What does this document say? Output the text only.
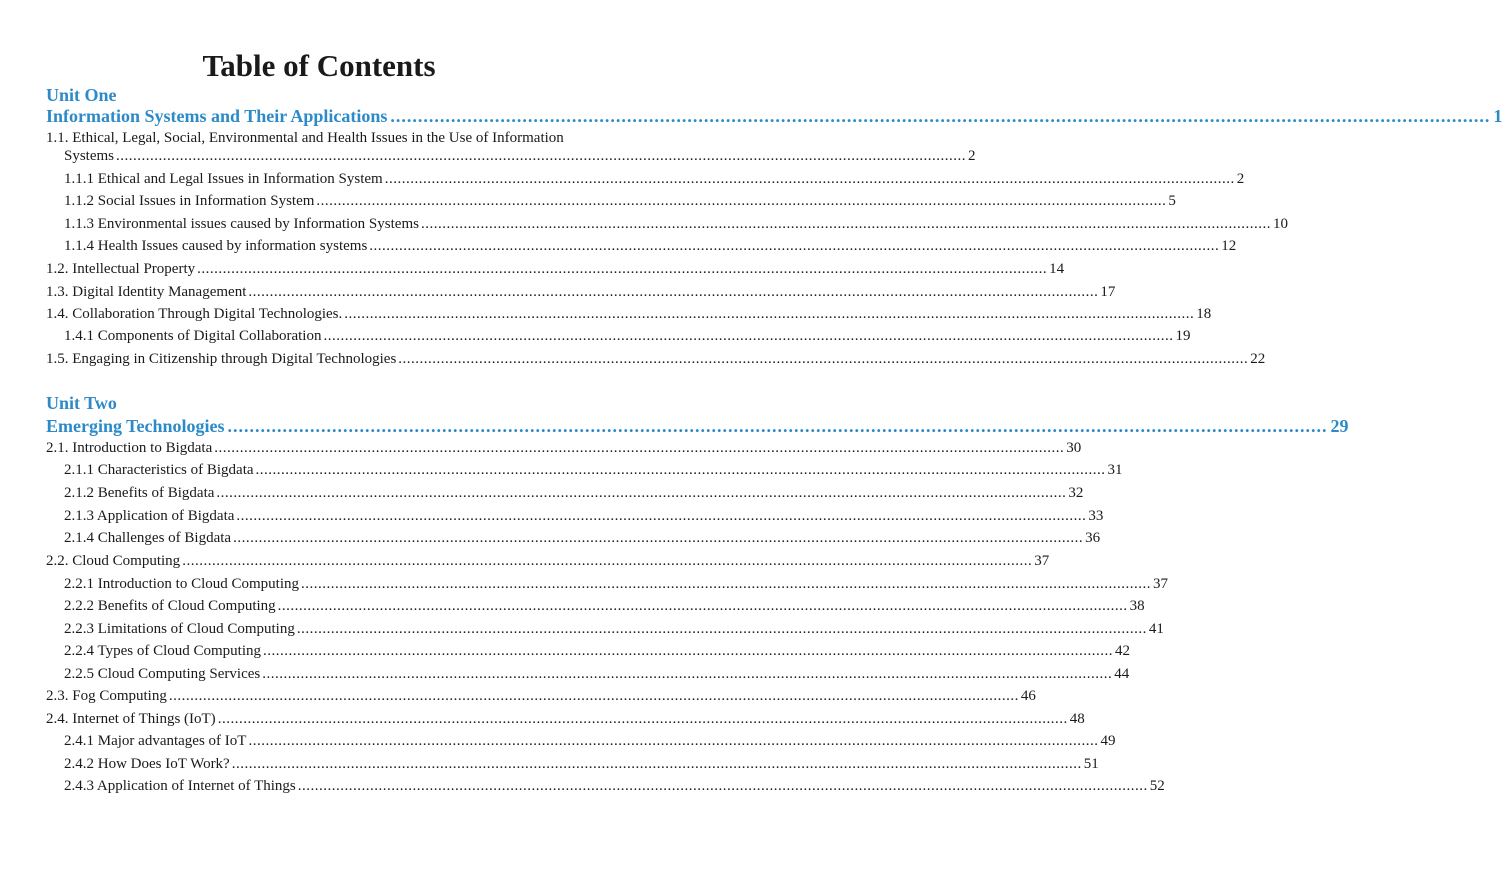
Table of Contents
Unit One
Information Systems and Their Applications ........................................................................................................................................................................................................ 1
1.1. Ethical, Legal, Social, Environmental and Health Issues in the Use of Information
Systems ........................................................................................................................................................................................................ 2
1.1.1 Ethical and Legal Issues in Information System ........................................................................................................................................................................................................ 2
1.1.2 Social Issues in Information System ........................................................................................................................................................................................................ 5
1.1.3 Environmental issues caused by Information Systems ........................................................................................................................................................................................................ 10
1.1.4 Health Issues caused by information systems ........................................................................................................................................................................................................ 12
1.2. Intellectual Property ........................................................................................................................................................................................................ 14
1.3. Digital Identity Management ........................................................................................................................................................................................................ 17
1.4. Collaboration Through Digital Technologies. ........................................................................................................................................................................................................ 18
1.4.1 Components of Digital Collaboration ........................................................................................................................................................................................................ 19
1.5. Engaging in Citizenship through Digital Technologies ........................................................................................................................................................................................................ 22
Unit Two
Emerging Technologies ........................................................................................................................................................................................................ 29
2.1. Introduction to Bigdata ........................................................................................................................................................................................................ 30
2.1.1 Characteristics of Bigdata ........................................................................................................................................................................................................ 31
2.1.2 Benefits of Bigdata ........................................................................................................................................................................................................ 32
2.1.3 Application of Bigdata ........................................................................................................................................................................................................ 33
2.1.4 Challenges of Bigdata ........................................................................................................................................................................................................ 36
2.2. Cloud Computing ........................................................................................................................................................................................................ 37
2.2.1 Introduction to Cloud Computing ........................................................................................................................................................................................................ 37
2.2.2 Benefits of Cloud Computing ........................................................................................................................................................................................................ 38
2.2.3 Limitations of Cloud Computing ........................................................................................................................................................................................................ 41
2.2.4 Types of Cloud Computing ........................................................................................................................................................................................................ 42
2.2.5 Cloud Computing Services ........................................................................................................................................................................................................ 44
2.3. Fog Computing ........................................................................................................................................................................................................ 46
2.4. Internet of Things (IoT) ........................................................................................................................................................................................................ 48
2.4.1 Major advantages of IoT ........................................................................................................................................................................................................ 49
2.4.2 How Does IoT Work? ........................................................................................................................................................................................................ 51
2.4.3 Application of Internet of Things ........................................................................................................................................................................................................ 52
